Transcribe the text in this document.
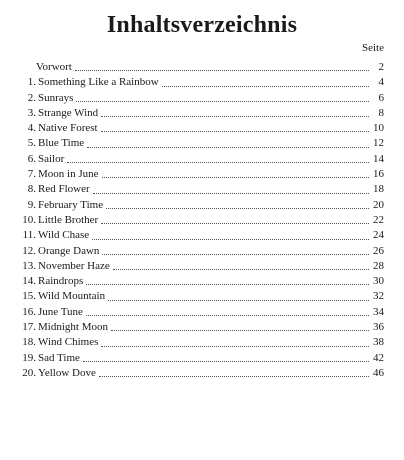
Inhaltsverzeichnis
Seite
Vorwort	2
1. Something Like a Rainbow	4
2. Sunrays	6
3. Strange Wind	8
4. Native Forest	10
5. Blue Time	12
6. Sailor	14
7. Moon in June	16
8. Red Flower	18
9. February Time	20
10. Little Brother	22
11. Wild Chase	24
12. Orange Dawn	26
13. November Haze	28
14. Raindrops	30
15. Wild Mountain	32
16. June Tune	34
17. Midnight Moon	36
18. Wind Chimes	38
19. Sad Time	42
20. Yellow Dove	46
